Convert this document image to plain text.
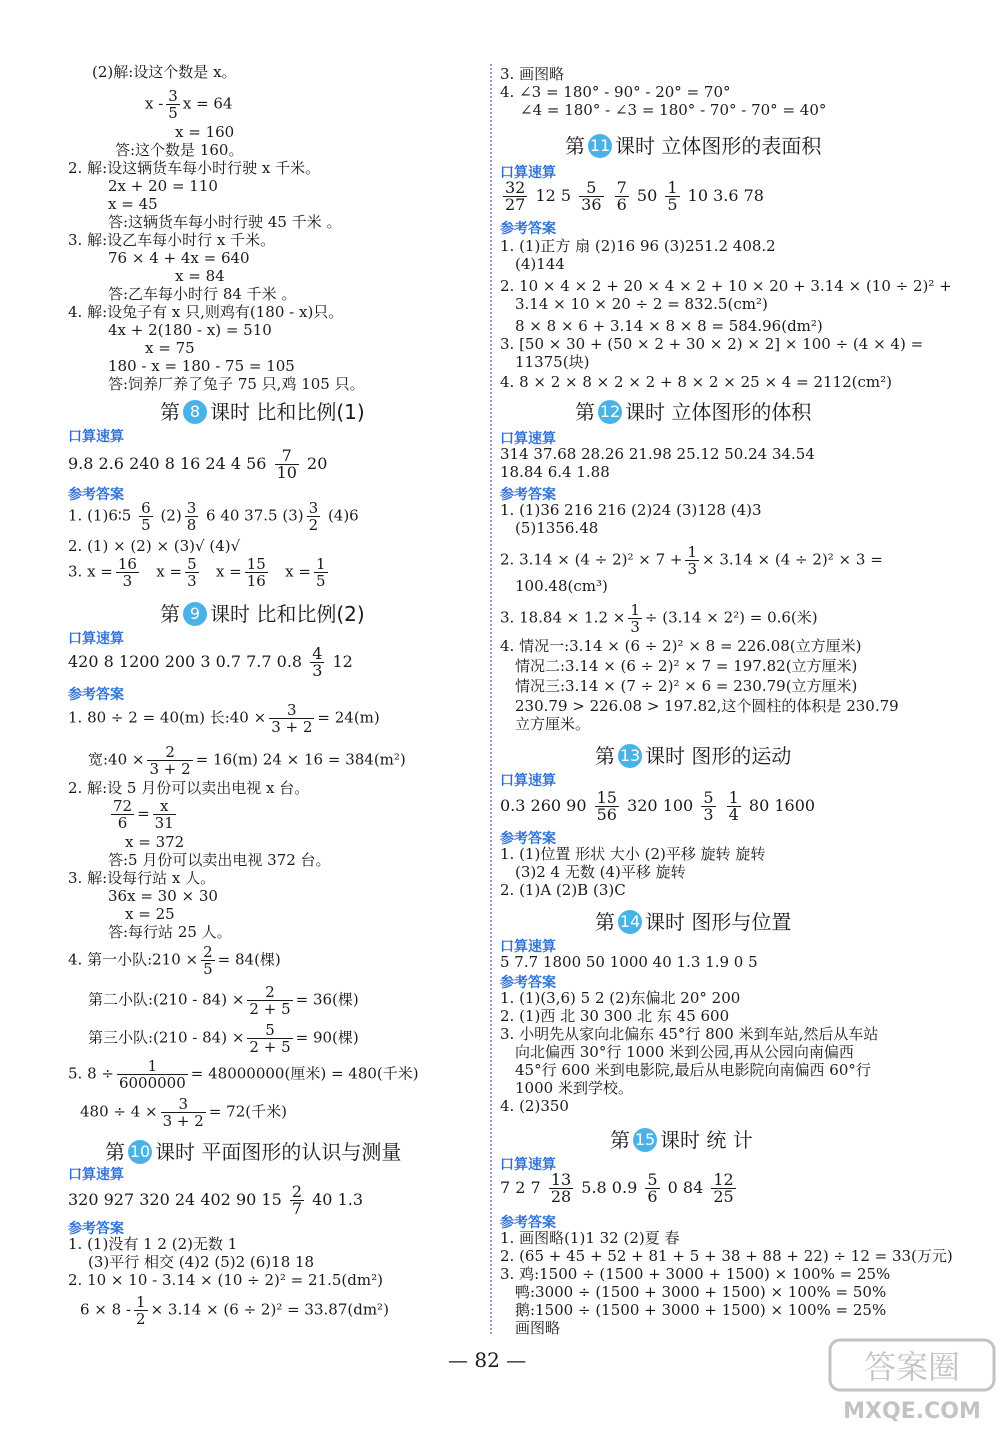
(2)解:设这个数是 x。
x - $\frac{3}{5}$ x = 64
x = 160
答:这个数是 160。
2. 解:设这辆货车每小时行驶 x 千米。
2x + 20 = 110
x = 45
答:这辆货车每小时行驶 45 千米 。
3. 解:设乙车每小时行 x 千米。
76 × 4 + 4x = 640
x = 84
答:乙车每小时行 84 千米 。
4. 解:设兔子有 x 只,则鸡有(180 - x)只。
4x + 2(180 - x) = 510
x = 75
180 - x = 180 - 75 = 105
答:饲养厂养了兔子 75 只,鸡 105 只。
第 8 课时 比和比例(1)
口算速算
9.8 2.6 240 8 16 24 4 $56 \frac{7}{10} 20$
参考答案
1. (1)6∶5 $\frac{6}{5} (2) \frac{3}{8} 6$ 40 37.5 $(3) \frac{3}{2} (4)6$
2. (1) × (2) × (3)√ (4)√
3. $x = \frac{16}{3}$ $x = \frac{5}{3}$ $x = \frac{15}{16}$ $x = \frac{1}{5}$
第 9 课时 比和比例(2)
口算速算
420 8 1200 200 3 0.7 7.7 $0.8 \frac{4}{3} 12$
参考答案
1. 80 ÷ 2 = 40(m) 长:40 × $\frac{3}{3 + 2} = 24(m)$
宽:40 × $\frac{2}{3 + 2} = 16(m) 24 \times 16 = 384(m^2)$
2. 解:设 5 月份可以卖出电视 x 台。
$\frac{72}{6} = \frac{x}{31}$
x = 372
答:5 月份可以卖出电视 372 台。
3. 解:设每行站 x 人。
36x = 30 × 30
x = 25
答:每行站 25 人。
4. 第一小队:210 × $\frac{2}{5} = 84$(棵)
第二小队:(210 - $84) \times \frac{2}{2 + 5} = 36$(棵)
第三小队:(210 - $84) \times \frac{5}{2 + 5} = 90$(棵)
5. $8 \div \frac{1}{6000000} = 48000000$(厘米) = 480(千米)
$480 \div 4 \times \frac{3}{3 + 2} = 72$(千米)
第 10 课时 平面图形的认识与测量
口算速算
320 927 320 24 402 90 $15 \frac{2}{7} 40$ 1.3
参考答案
1. (1)没有 1 2 (2)无数 1
(3)平行 相交 (4)2 (5)2 (6)18 18
2. 10 × 10 - 3.14 × (10 ÷ 2)² = 21.5(dm²)
$6 \times 8 - \frac{1}{2} \times 3.14 \times (6 \div 2)^2 = 33.87(dm^2)$
3. 画图略
4. ∠3 = 180° - 90° - 20° = 70°
∠4 = 180° - ∠3 = 180° - 70° - 70° = 40°
第 11 课时 立体图形的表面积
口算速算
$\frac{32}{27} 12$ $5 \frac{5}{36}$
$\frac{7}{6} 50 \frac{1}{5} 10$ 3.6 78
参考答案
1. (1)正方 扇 (2)16 96 (3)251.2 408.2
(4)144
2. 10 × 4 × 2 + 20 × 4 × 2 + 10 × 20 + 3.14 × (10 ÷ 2)² +
3.14 × 10 × 20 ÷ 2 = 832.5(cm²)
8 × 8 × 6 + 3.14 × 8 × 8 = 584.96(dm²)
3. [50 × 30 + (50 × 2 + 30 × 2) × 2] × 100 ÷ (4 × 4) =
11375(块)
4. 8 × 2 × 8 × 2 × 2 + 8 × 2 × 25 × 4 = 2112(cm²)
第 12 课时 立体图形的体积
口算速算
314 37.68 28.26 21.98 25.12 50.24 34.54
18.84 6.4 1.88
参考答案
1. (1)36 216 216 (2)24 (3)128 (4)3
(5)1356.48
2. $3.14 \times (4 \div 2)^2 \times 7 + \frac{1}{3} \times 3.14 \times (4 \div 2)^2 \times 3$ =
100.48(cm³)
3. $18.84 \times 1.2 \times \frac{1}{3} \div (3.14 \times 2^2) = 0.6$(米)
4. 情况一:3.14 × (6 ÷ 2)² × 8 = 226.08(立方厘米)
情况二:3.14 × (6 ÷ 2)² × 7 = 197.82(立方厘米)
情况三:3.14 × (7 ÷ 2)² × 6 = 230.79(立方厘米)
230.79 > 226.08 > 197.82,这个圆柱的体积是 230.79
立方厘米。
第 13 课时 图形的运动
口算速算
0.3 260 $90 \frac{15}{56} 320$ $100 \frac{5}{3}$
$\frac{1}{4} 80$ 1600
参考答案
1. (1)位置 形状 大小 (2)平移 旋转 旋转
(3)2 4 无数 (4)平移 旋转
2. (1)A (2)B (3)C
第 14 课时 图形与位置
口算速算
5 7.7 1800 50 1000 40 1.3 1.9 0 5
参考答案
1. (1)(3,6) 5 2 (2)东偏北 20° 200
2. (1)西 北 30 300 北 东 45 600
3. 小明先从家向北偏东 45°行 800 米到车站,然后从车站
向北偏西 30°行 1000 米到公园,再从公园向南偏西
45°行 600 米到电影院,最后从电影院向南偏西 60°行
1000 米到学校。
4. (2)350
第 15 课时 统 计
口算速算
7 2 $7 \frac{13}{28} 5.8$ $0.9 \frac{5}{6} 0$ $84 \frac{12}{25}$
参考答案
1. 画图略(1)1 32 (2)夏 春
2. (65 + 45 + 52 + 81 + 5 + 38 + 88 + 22) ÷ 12 = 33(万元)
3. 鸡:1500 ÷ (1500 + 3000 + 1500) × 100% = 25%
鸭:3000 ÷ (1500 + 3000 + 1500) × 100% = 50%
鹅:1500 ÷ (1500 + 3000 + 1500) × 100% = 25%
画图略
— 82 —	答案圈
MXQE.COM
